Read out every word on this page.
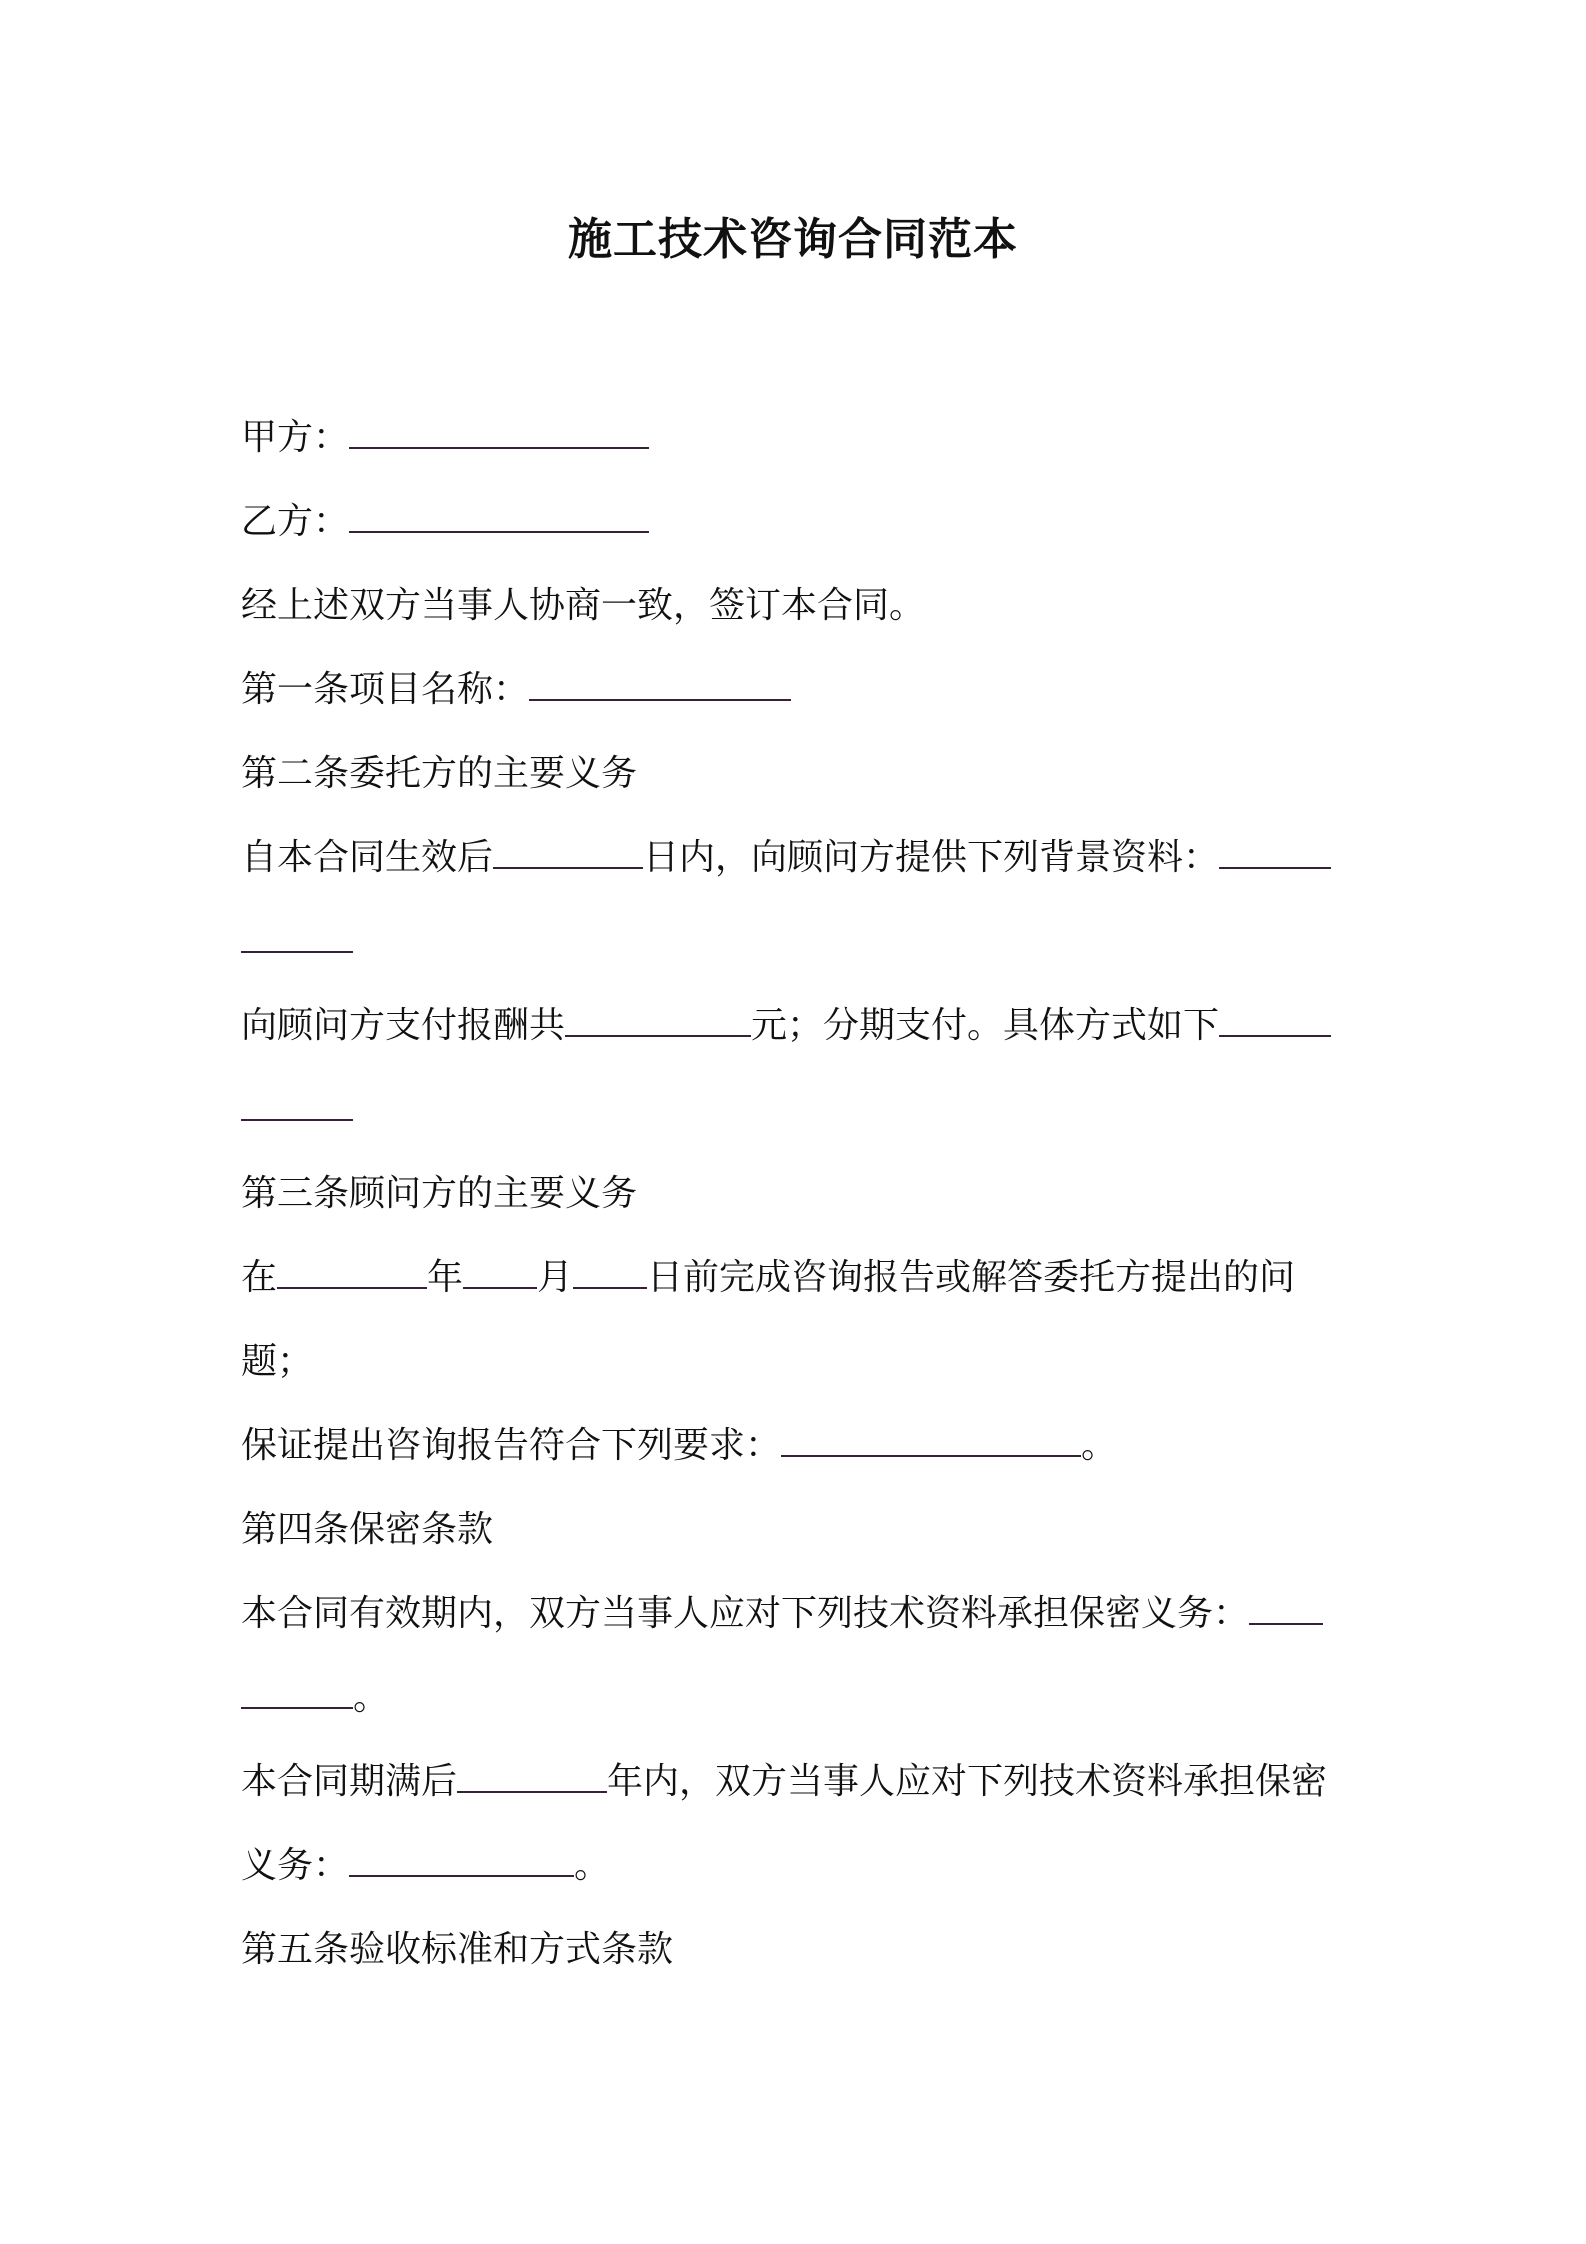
施工技术咨询合同范本
甲方：
乙方：
经上述双方当事人协商一致，签订本合同。
第一条项目名称：
第二条委托方的主要义务
自本合同生效后	日内，向顾问方提供下列背景资料：
向顾问方支付报酬共	元；分期支付。具体方式如下
第三条顾问方的主要义务
在	年 月 日前完成咨询报告或解答委托方提出的问
题；
保证提出咨询报告符合下列要求：	。
第四条保密条款
本合同有效期内，双方当事人应对下列技术资料承担保密义务：
。
本合同期满后	年内，双方当事人应对下列技术资料承担保密
义务：	。
第五条验收标准和方式条款
